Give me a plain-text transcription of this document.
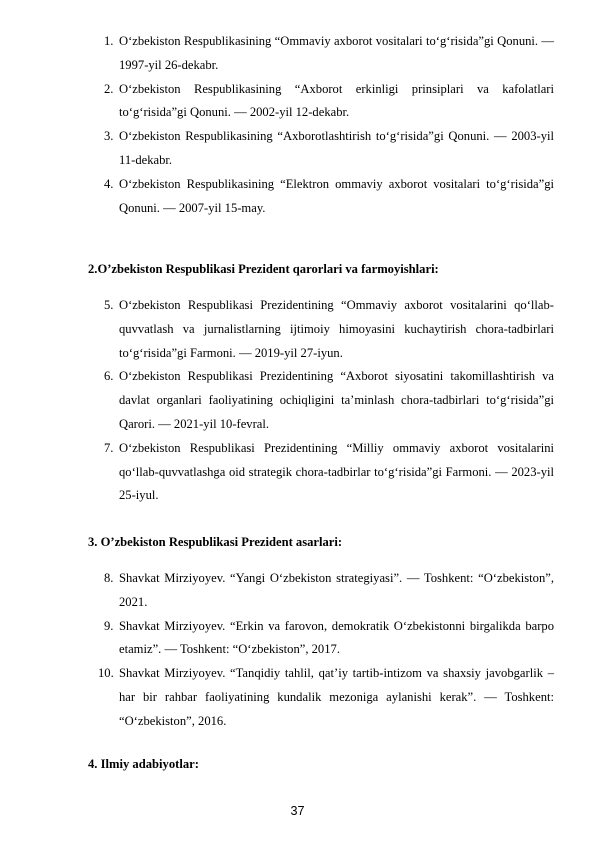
1. O‘zbekiston Respublikasining “Ommaviy axborot vositalari to‘g‘risida”gi Qonuni. — 1997-yil 26-dekabr.
2. O‘zbekiston Respublikasining “Axborot erkinligi prinsiplari va kafolatlari to‘g‘risida”gi Qonuni. — 2002-yil 12-dekabr.
3. O‘zbekiston Respublikasining “Axborotlashtirish to‘g‘risida”gi Qonuni. — 2003-yil 11-dekabr.
4. O‘zbekiston Respublikasining “Elektron ommaviy axborot vositalari to‘g‘risida”gi Qonuni. — 2007-yil 15-may.
2.O’zbekiston Respublikasi Prezident qarorlari va farmoyishlari:
5. O‘zbekiston Respublikasi Prezidentining “Ommaviy axborot vositalarini qo‘llab-quvvatlash va jurnalistlarning ijtimoiy himoyasini kuchaytirish chora-tadbirlari to‘g‘risida”gi Farmoni. — 2019-yil 27-iyun.
6. O‘zbekiston Respublikasi Prezidentining “Axborot siyosatini takomillashtirish va davlat organlari faoliyatining ochiqligini ta’minlash chora-tadbirlari to‘g‘risida”gi Qarori. — 2021-yil 10-fevral.
7. O‘zbekiston Respublikasi Prezidentining “Milliy ommaviy axborot vositalarini qo‘llab-quvvatlashga oid strategik chora-tadbirlar to‘g‘risida”gi Farmoni. — 2023-yil 25-iyul.
3. O’zbekiston Respublikasi Prezident asarlari:
8. Shavkat Mirziyoyev. “Yangi O‘zbekiston strategiyasi”. — Toshkent: “O‘zbekiston”, 2021.
9. Shavkat Mirziyoyev. “Erkin va farovon, demokratik O‘zbekistonni birgalikda barpo etamiz”. — Toshkent: “O‘zbekiston”, 2017.
10. Shavkat Mirziyoyev. “Tanqidiy tahlil, qat’iy tartib-intizom va shaxsiy javobgarlik – har bir rahbar faoliyatining kundalik mezoniga aylanishi kerak”. — Toshkent: “O‘zbekiston”, 2016.
4. Ilmiy adabiyotlar:
37
